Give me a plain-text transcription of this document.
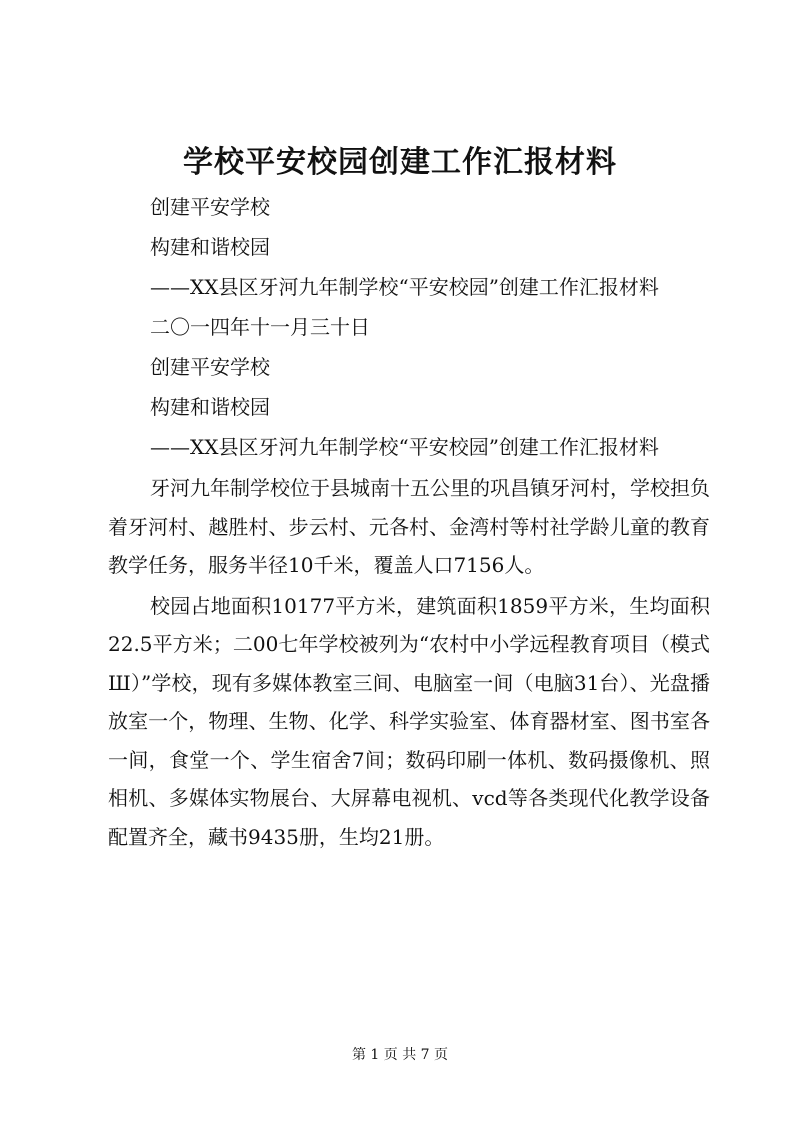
学校平安校园创建工作汇报材料

创建平安学校

构建和谐校园

——XX县区牙河九年制学校“平安校园”创建工作汇报材料

二〇一四年十一月三十日

创建平安学校

构建和谐校园

——XX县区牙河九年制学校“平安校园”创建工作汇报材料

牙河九年制学校位于县城南十五公里的巩昌镇牙河村，学校担负着牙河村、越胜村、步云村、元各村、金湾村等村社学龄儿童的教育教学任务，服务半径10千米，覆盖人口7156人。

校园占地面积10177平方米，建筑面积1859平方米，生均面积22.5平方米；二00七年学校被列为“农村中小学远程教育项目（模式Ш）”学校，现有多媒体教室三间、电脑室一间（电脑31台）、光盘播放室一个，物理、生物、化学、科学实验室、体育器材室、图书室各一间，食堂一个、学生宿舍7间；数码印刷一体机、数码摄像机、照相机、多媒体实物展台、大屏幕电视机、vcd等各类现代化教学设备配置齐全，藏书9435册，生均21册。

第 1 页 共 7 页
